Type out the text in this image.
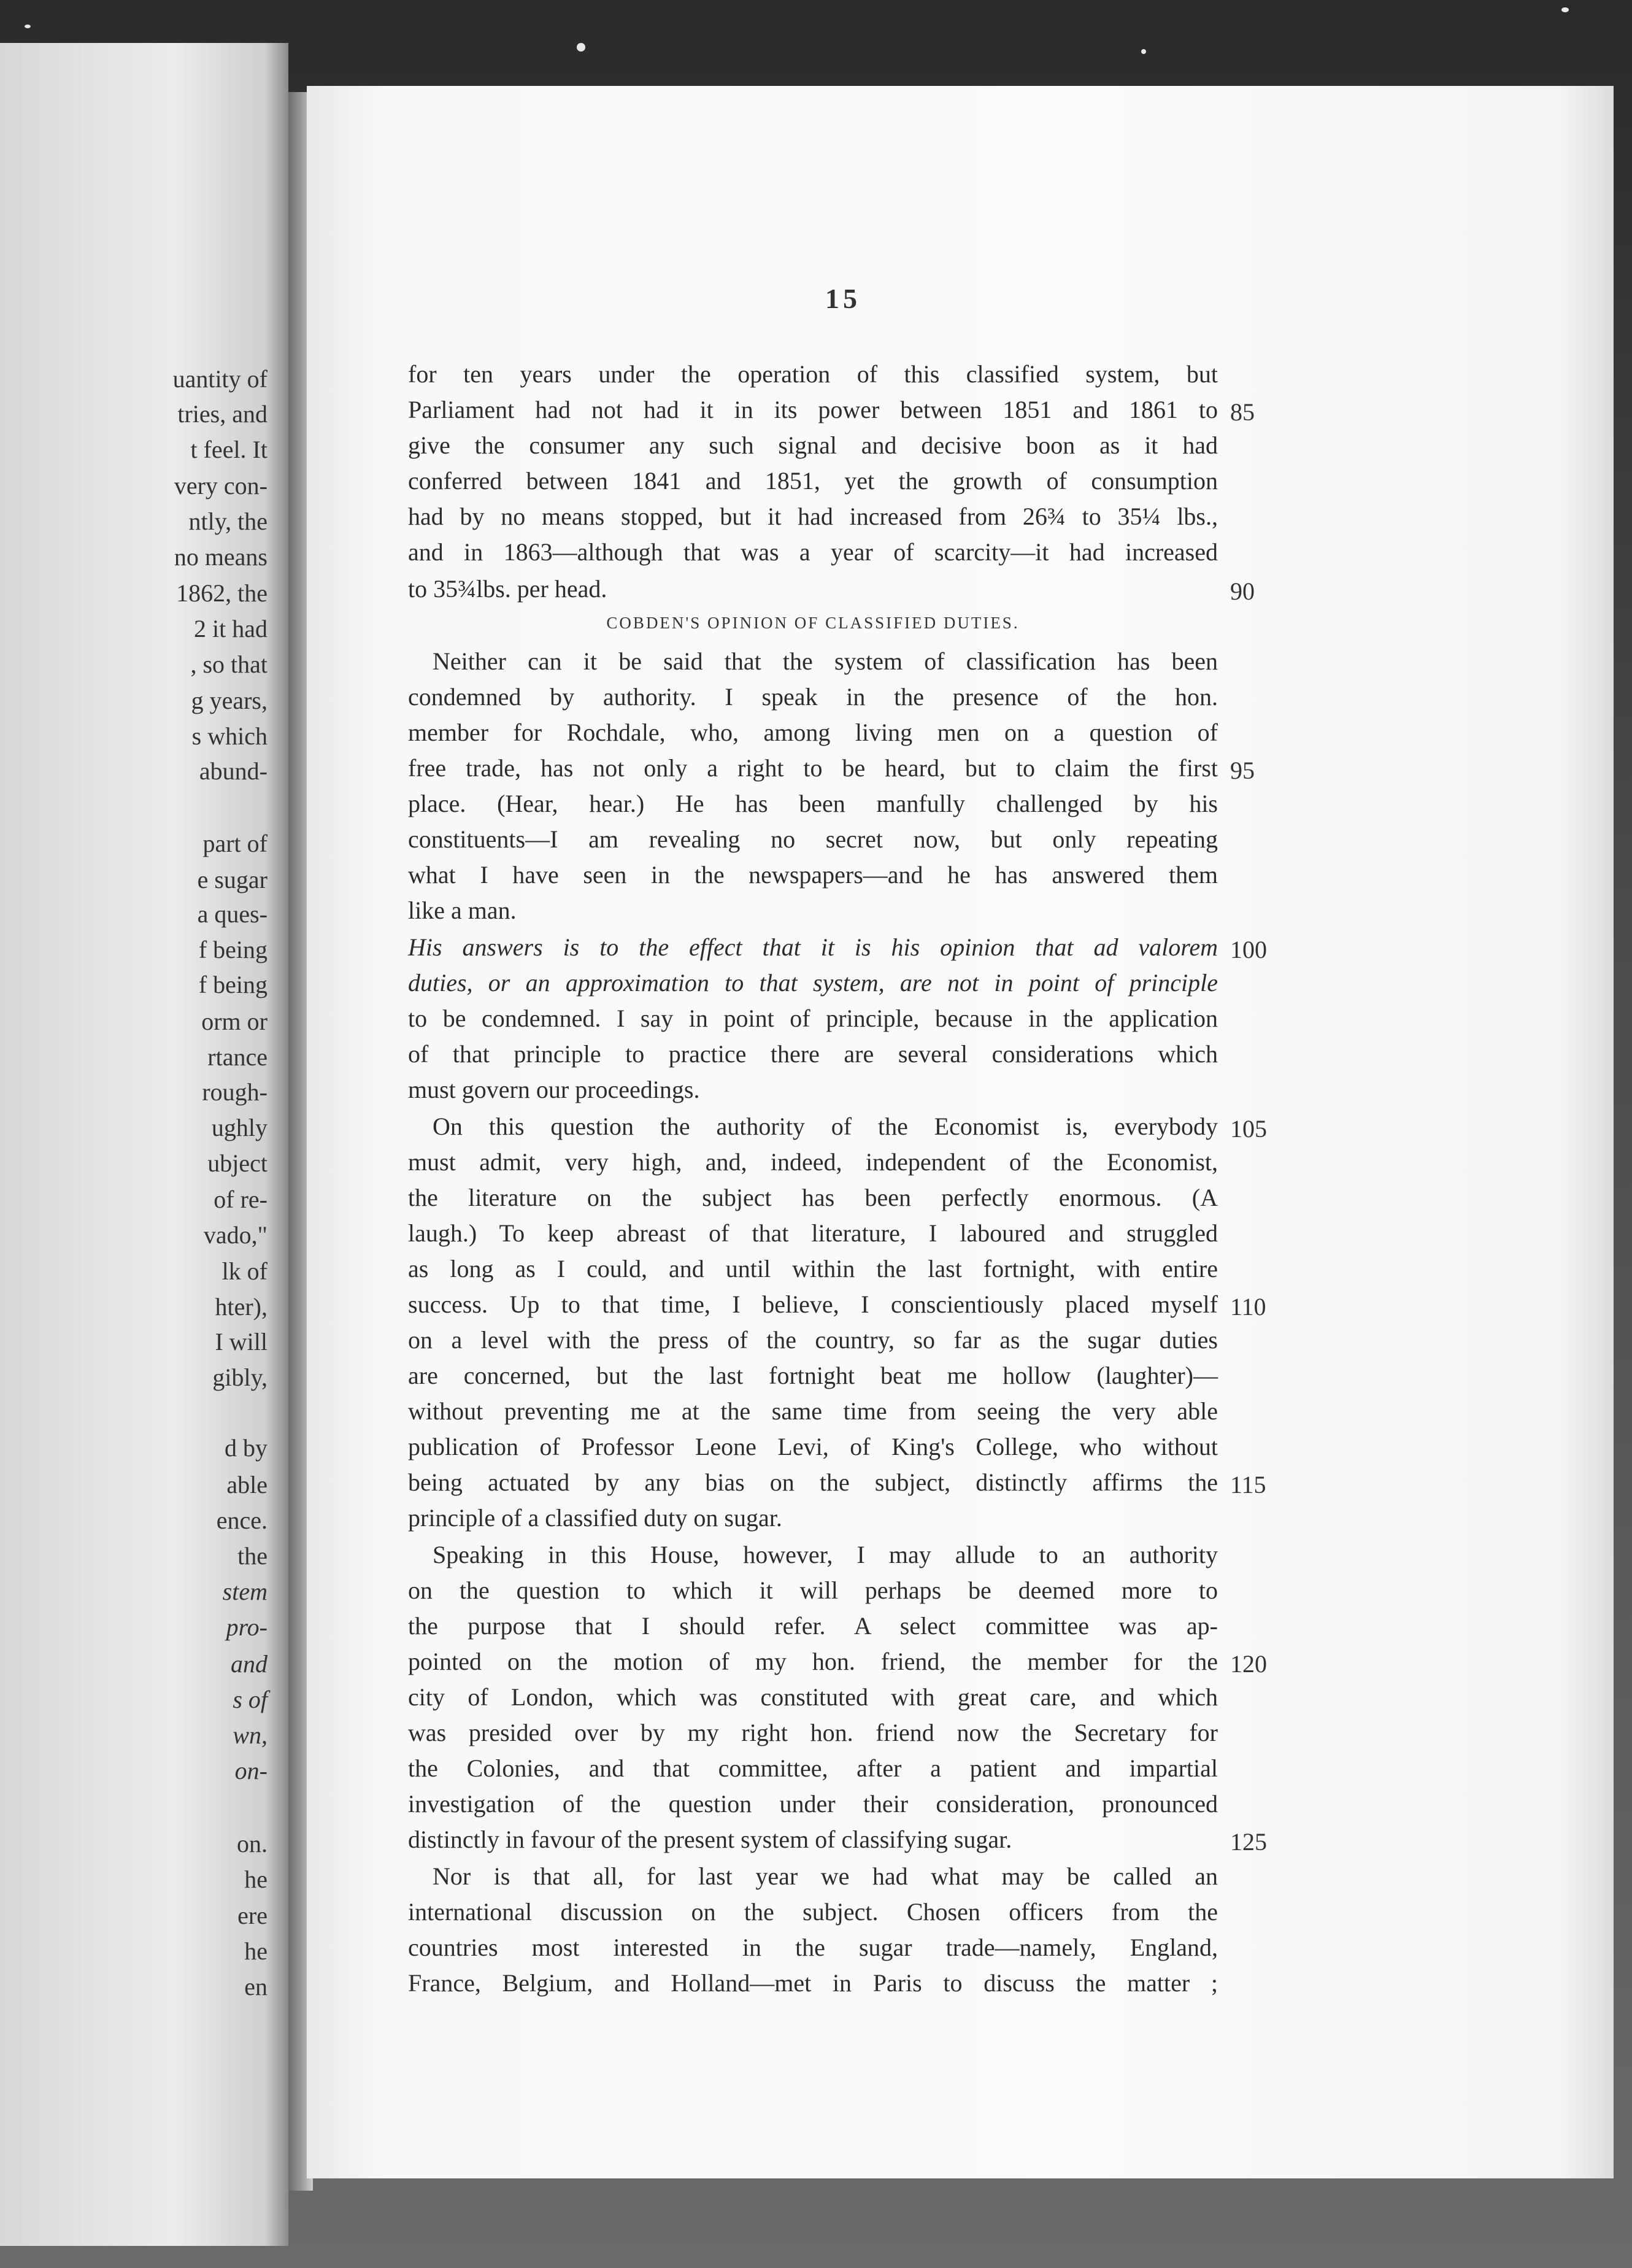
uantity of
tries, and
t feel. It
very con-
ntly, the
no means
1862, the
2 it had
, so that
g years,
s which
abund-
part of
e sugar
a ques-
f being
f being
orm or
rtance
rough-
ughly
ubject
of re-
vado,"
lk of
hter),
I will
gibly,
d by
able
ence.
the
stem
pro-
and
s of
wn,
on-
on.
he
ere
he
en
15
COBDEN'S OPINION OF CLASSIFIED DUTIES.
for ten years under the operation of this classified system, but
Parliament had not had it in its power between 1851 and 1861 to
give the consumer any such signal and decisive boon as it had
conferred between 1841 and 1851, yet the growth of consumption
had by no means stopped, but it had increased from 26¾ to 35¼ lbs.,
and in 1863—although that was a year of scarcity—it had increased
to 35¾lbs. per head.
Neither can it be said that the system of classification has been
condemned by authority. I speak in the presence of the hon.
member for Rochdale, who, among living men on a question of
free trade, has not only a right to be heard, but to claim the first
place. (Hear, hear.) He has been manfully challenged by his
constituents—I am revealing no secret now, but only repeating
what I have seen in the newspapers—and he has answered them
like a man.
His answers is to the effect that it is his opinion that ad valorem
duties, or an approximation to that system, are not in point of principle
to be condemned. I say in point of principle, because in the application
of that principle to practice there are several considerations which
must govern our proceedings.
On this question the authority of the Economist is, everybody
must admit, very high, and, indeed, independent of the Economist,
the literature on the subject has been perfectly enormous. (A
laugh.) To keep abreast of that literature, I laboured and struggled
as long as I could, and until within the last fortnight, with entire
success. Up to that time, I believe, I conscientiously placed myself
on a level with the press of the country, so far as the sugar duties
are concerned, but the last fortnight beat me hollow (laughter)—
without preventing me at the same time from seeing the very able
publication of Professor Leone Levi, of King's College, who without
being actuated by any bias on the subject, distinctly affirms the
principle of a classified duty on sugar.
Speaking in this House, however, I may allude to an authority
on the question to which it will perhaps be deemed more to
the purpose that I should refer. A select committee was ap-
pointed on the motion of my hon. friend, the member for the
city of London, which was constituted with great care, and which
was presided over by my right hon. friend now the Secretary for
the Colonies, and that committee, after a patient and impartial
investigation of the question under their consideration, pronounced
distinctly in favour of the present system of classifying sugar.
Nor is that all, for last year we had what may be called an
international discussion on the subject. Chosen officers from the
countries most interested in the sugar trade—namely, England,
France, Belgium, and Holland—met in Paris to discuss the matter ;
85
90
95
100
105
110
115
120
125
